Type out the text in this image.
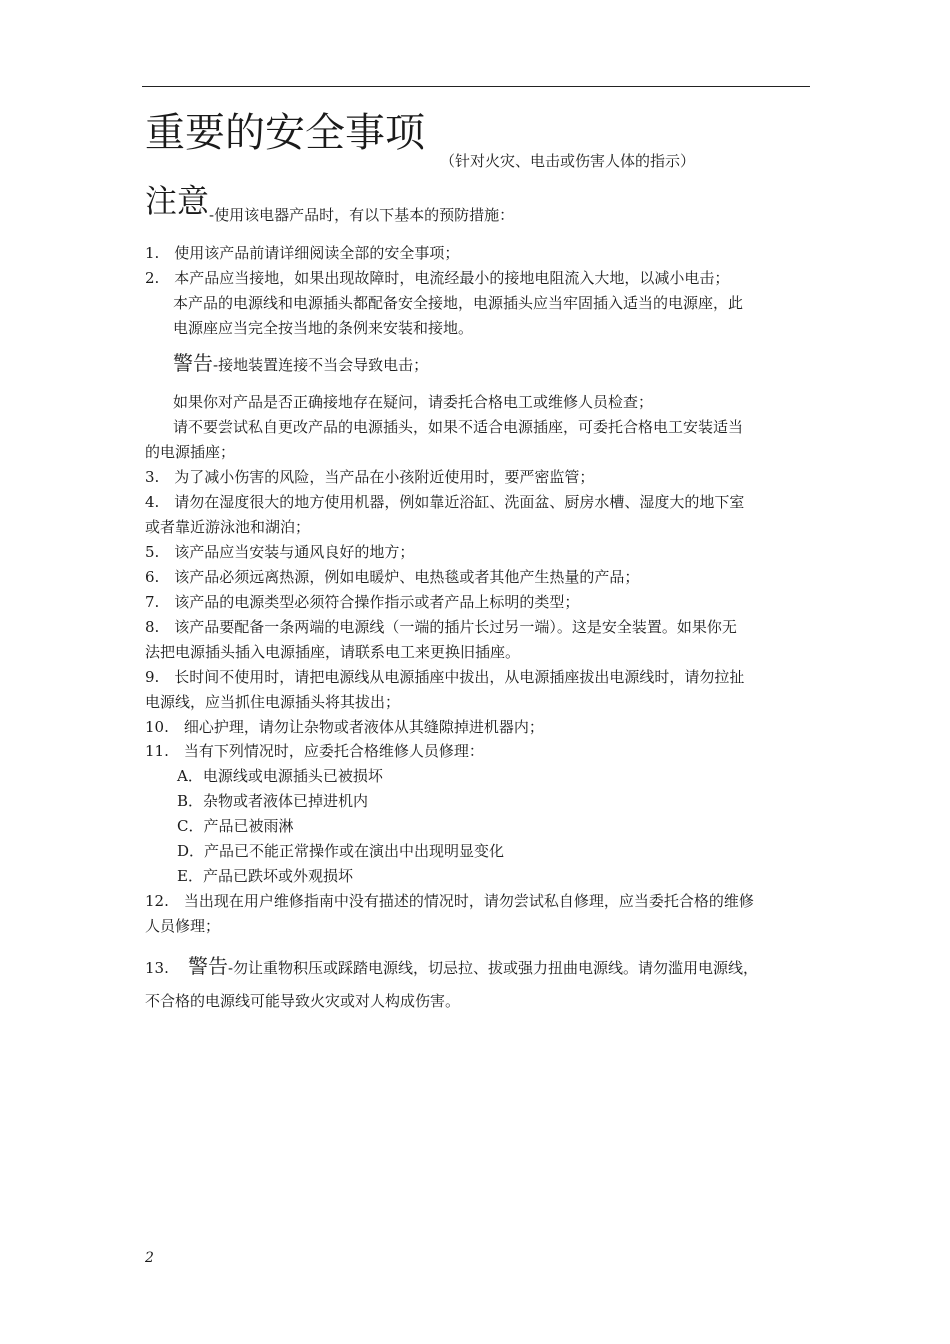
重要的安全事项
（针对火灾、电击或伤害人体的指示）
注意-使用该电器产品时，有以下基本的预防措施：
1.　使用该产品前请详细阅读全部的安全事项；
2.　本产品应当接地，如果出现故障时，电流经最小的接地电阻流入大地，以减小电击；
本产品的电源线和电源插头都配备安全接地，电源插头应当牢固插入适当的电源座，此
电源座应当完全按当地的条例来安装和接地。
警告-接地装置连接不当会导致电击；
如果你对产品是否正确接地存在疑问，请委托合格电工或维修人员检查；
请不要尝试私自更改产品的电源插头，如果不适合电源插座，可委托合格电工安装适当
的电源插座；
3.　为了减小伤害的风险，当产品在小孩附近使用时，要严密监管；
4.　请勿在湿度很大的地方使用机器，例如靠近浴缸、洗面盆、厨房水槽、湿度大的地下室
或者靠近游泳池和湖泊；
5.　该产品应当安装与通风良好的地方；
6.　该产品必须远离热源，例如电暖炉、电热毯或者其他产生热量的产品；
7.　该产品的电源类型必须符合操作指示或者产品上标明的类型；
8.　该产品要配备一条两端的电源线（一端的插片长过另一端）。这是安全装置。如果你无
法把电源插头插入电源插座，请联系电工来更换旧插座。
9.　长时间不使用时，请把电源线从电源插座中拔出，从电源插座拔出电源线时，请勿拉扯
电源线，应当抓住电源插头将其拔出；
10.　细心护理，请勿让杂物或者液体从其缝隙掉进机器内；
11.　当有下列情况时，应委托合格维修人员修理：
A．电源线或电源插头已被损坏
B．杂物或者液体已掉进机内
C．产品已被雨淋
D．产品已不能正常操作或在演出中出现明显变化
E．产品已跌坏或外观损坏
12.　当出现在用户维修指南中没有描述的情况时，请勿尝试私自修理，应当委托合格的维修
人员修理；
13. 警告-勿让重物积压或踩踏电源线，切忌拉、拔或强力扭曲电源线。请勿滥用电源线，
不合格的电源线可能导致火灾或对人构成伤害。
2
